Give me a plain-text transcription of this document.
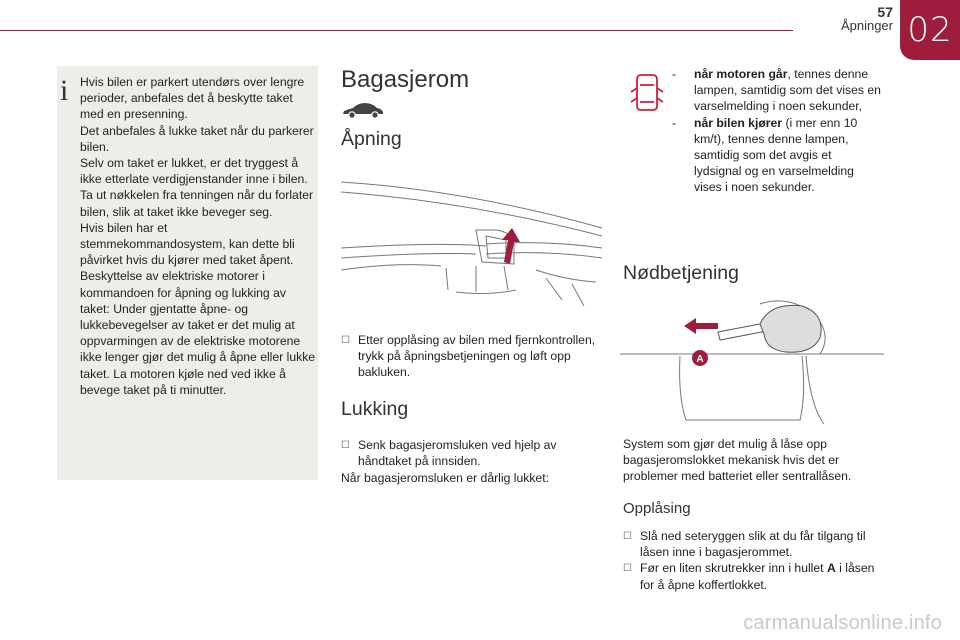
57
Åpninger 02
i Hvis bilen er parkert utendørs over lengre perioder, anbefales det å beskytte taket med en presenning.
Det anbefales å lukke taket når du parkerer bilen.
Selv om taket er lukket, er det tryggest å ikke etterlate verdigjenstander inne i bilen.
Ta ut nøkkelen fra tenningen når du forlater bilen, slik at taket ikke beveger seg.
Hvis bilen har et stemmekommandosystem, kan dette bli påvirket hvis du kjører med taket åpent.
Beskyttelse av elektriske motorer i kommandoen for åpning og lukking av taket: Under gjentatte åpne- og lukkebevegelser av taket er det mulig at oppvarmingen av de elektriske motorene ikke lenger gjør det mulig å åpne eller lukke taket. La motoren kjøle ned ved ikke å bevege taket på ti minutter.
Bagasjerom
Åpning
☐ Etter opplåsing av bilen med fjernkontrollen, trykk på åpningsbetjeningen og løft opp bakluken.
Lukking
☐ Senk bagasjeromsluken ved hjelp av håndtaket på innsiden.
Når bagasjeromsluken er dårlig lukket:
-	når motoren går, tennes denne lampen, samtidig som det vises en varselmelding i noen sekunder,
-	når bilen kjører (i mer enn 10 km/t), tennes denne lampen, samtidig som det avgis et lydsignal og en varselmelding vises i noen sekunder.
Nødbetjening
A
System som gjør det mulig å låse opp bagasjeromslokket mekanisk hvis det er problemer med batteriet eller sentrallåsen.
Opplåsing
☐ Slå ned seteryggen slik at du får tilgang til låsen inne i bagasjerommet.
☐ Før en liten skrutrekker inn i hullet A i låsen for å åpne koffertlokket.
carmanualsonline.info
